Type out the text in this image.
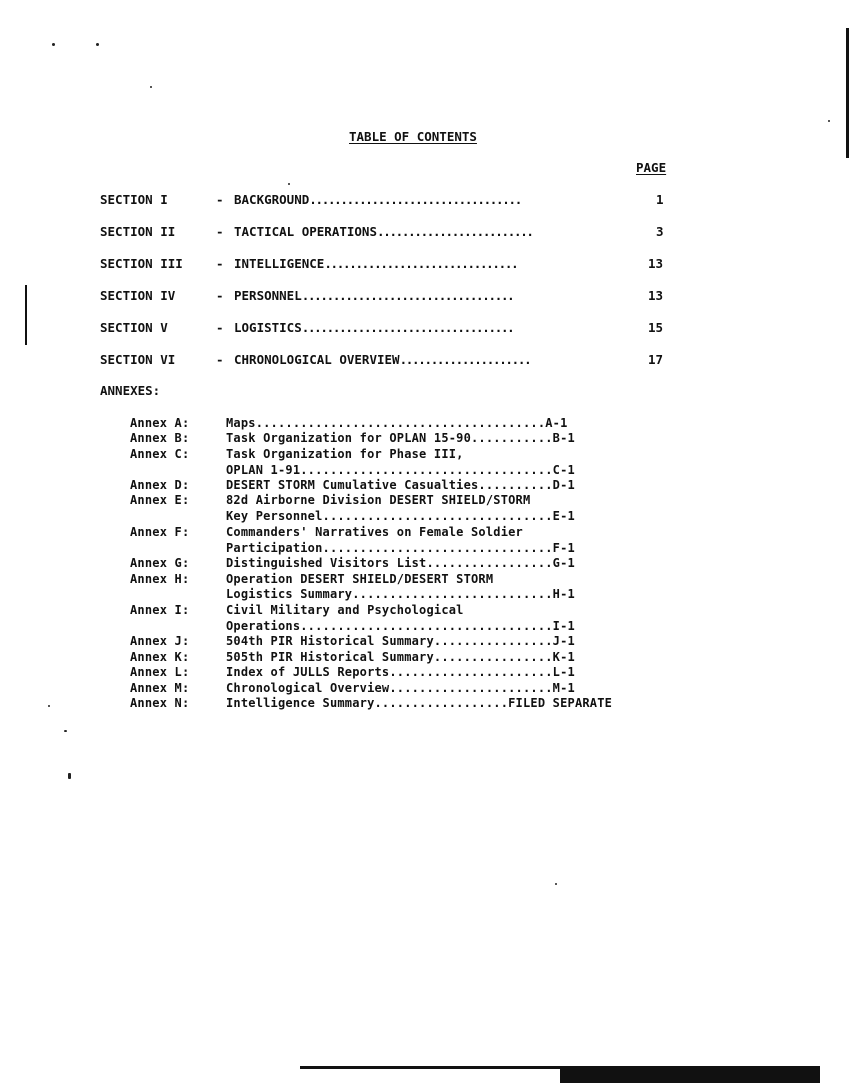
TABLE OF CONTENTS
PAGE
SECTION I	- BACKGROUND..................................	1
SECTION II	- TACTICAL OPERATIONS.........................	3
SECTION III	- INTELLIGENCE...............................	13
SECTION IV	- PERSONNEL..................................	13
SECTION V	- LOGISTICS..................................	15
SECTION VI	- CHRONOLOGICAL OVERVIEW.....................	17
ANNEXES:
Annex A:	Maps.......................................A-1
Annex B:	Task Organization for OPLAN 15-90...........B-1
Annex C:	Task Organization for Phase III,
OPLAN 1-91..................................C-1
Annex D:	DESERT STORM Cumulative Casualties..........D-1
Annex E:	82d Airborne Division DESERT SHIELD/STORM
Key Personnel...............................E-1
Annex F:	Commanders' Narratives on Female Soldier
Participation...............................F-1
Annex G:	Distinguished Visitors List.................G-1
Annex H:	Operation DESERT SHIELD/DESERT STORM
Logistics Summary...........................H-1
Annex I:	Civil Military and Psychological
Operations..................................I-1
Annex J:	504th PIR Historical Summary................J-1
Annex K:	505th PIR Historical Summary................K-1
Annex L:	Index of JULLS Reports......................L-1
Annex M:	Chronological Overview......................M-1
Annex N:	Intelligence Summary..................FILED SEPARATE
